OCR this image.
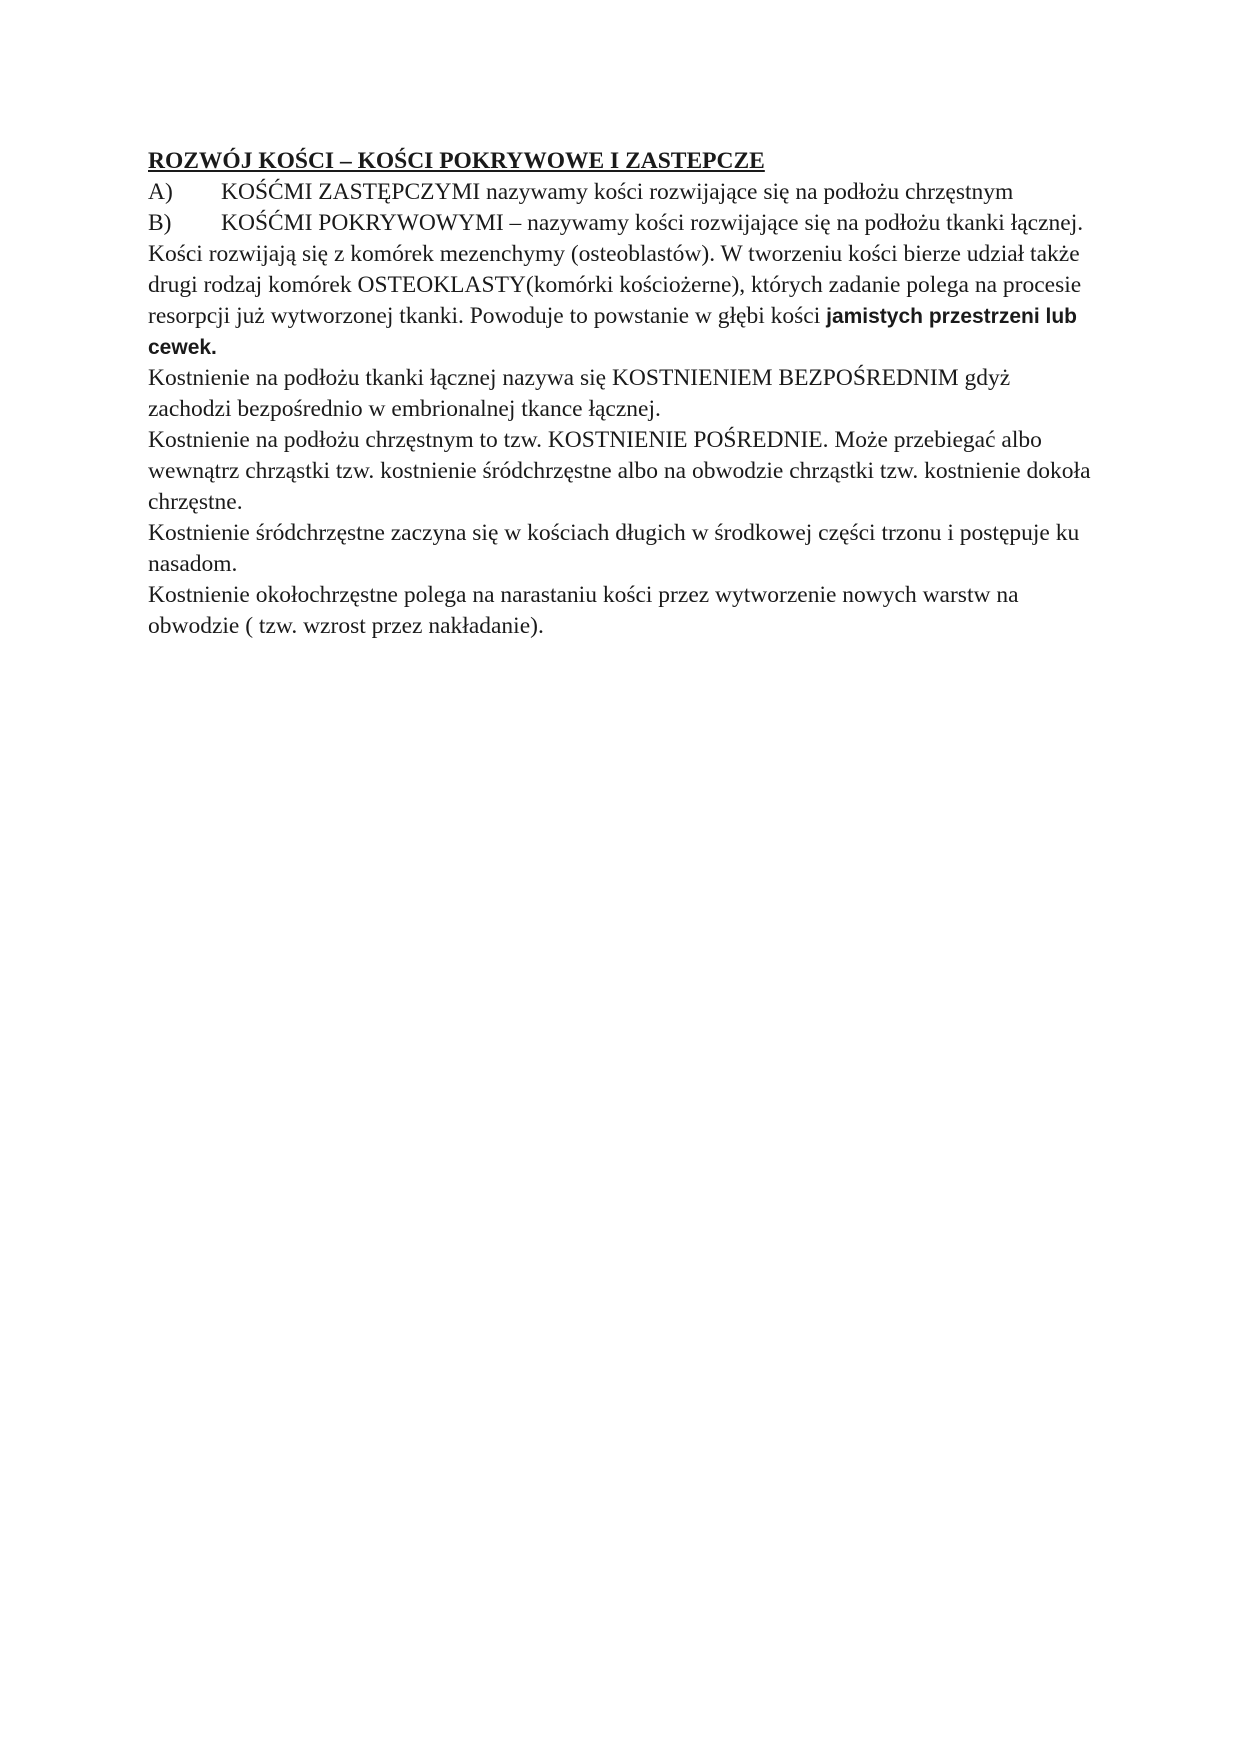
ROZWÓJ KOŚCI – KOŚCI POKRYWOWE I ZASTEPCZE

A) KOŚĆMI ZASTĘPCZYMI nazywamy kości rozwijające się na podłożu chrzęstnym

B) KOŚĆMI POKRYWOWYMI – nazywamy kości rozwijające się na podłożu tkanki łącznej.

Kości rozwijają się z komórek mezenchymy (osteoblastów). W tworzeniu kości bierze udział także drugi rodzaj komórek OSTEOKLASTY(komórki kościożerne), których zadanie polega na procesie resorpcji już wytworzonej tkanki. Powoduje to powstanie w głębi kości jamistych przestrzeni lub cewek.

Kostnienie na podłożu tkanki łącznej nazywa się KOSTNIENIEM BEZPOŚREDNIM gdyż zachodzi bezpośrednio w embrionalnej tkance łącznej.

Kostnienie na podłożu chrzęstnym to tzw. KOSTNIENIE POŚREDNIE. Może przebiegać albo wewnątrz chrząstki tzw. kostnienie śródchrzęstne albo na obwodzie chrząstki tzw. kostnienie dokoła chrzęstne.

Kostnienie śródchrzęstne zaczyna się w kościach długich w środkowej części trzonu i postępuje ku nasadom.

Kostnienie okołochrzęstne polega na narastaniu kości przez wytworzenie nowych warstw na obwodzie ( tzw. wzrost przez nakładanie).
